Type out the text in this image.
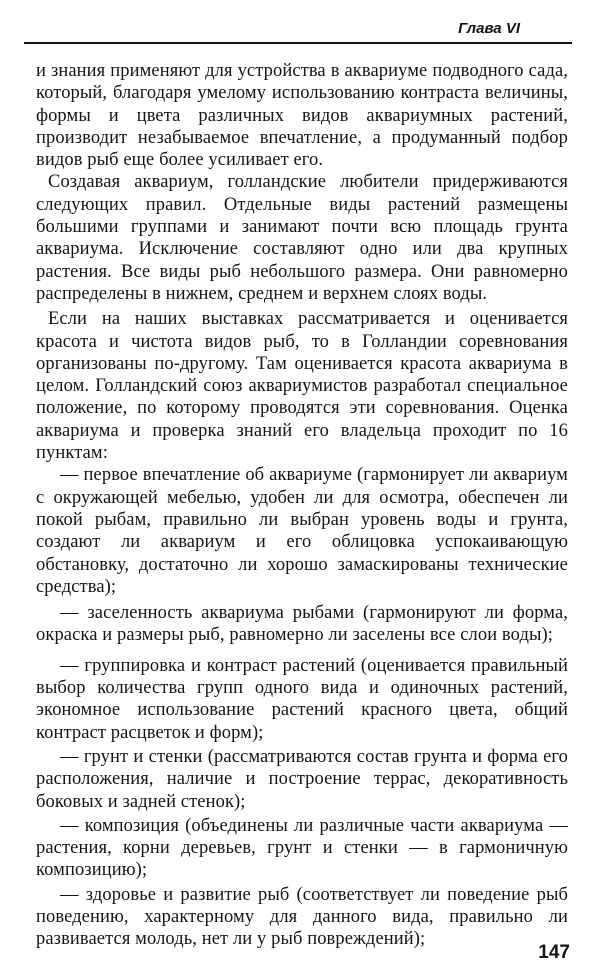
Глава VI

и знания применяют для устройства в аквариуме подводного сада, который, благодаря умелому использованию контраста величины, формы и цвета различных видов аквариумных растений, производит незабываемое впечатление, а продуманный подбор видов рыб еще более усиливает его.

Создавая аквариум, голландские любители придерживаются следующих правил. Отдельные виды растений размещены большими группами и занимают почти всю площадь грунта аквариума. Исключение составляют одно или два крупных растения. Все виды рыб небольшого размера. Они равномерно распределены в нижнем, среднем и верхнем слоях воды.

Если на наших выставках рассматривается и оценивается красота и чистота видов рыб, то в Голландии соревнования организованы по-другому. Там оценивается красота аквариума в целом. Голландский союз аквариумистов разработал специальное положение, по которому проводятся эти соревнования. Оценка аквариума и проверка знаний его владельца проходит по 16 пунктам:

— первое впечатление об аквариуме (гармонирует ли аквариум с окружающей мебелью, удобен ли для осмотра, обеспечен ли покой рыбам, правильно ли выбран уровень воды и грунта, создают ли аквариум и его облицовка успокаивающую обстановку, достаточно ли хорошо замаскированы технические средства);

— заселенность аквариума рыбами (гармонируют ли форма, окраска и размеры рыб, равномерно ли заселены все слои воды);

— группировка и контраст растений (оценивается правильный выбор количества групп одного вида и одиночных растений, экономное использование растений красного цвета, общий контраст расцветок и форм);

— грунт и стенки (рассматриваются состав грунта и форма его расположения, наличие и построение террас, декоративность боковых и задней стенок);

— композиция (объединены ли различные части аквариума — растения, корни деревьев, грунт и стенки — в гармоничную композицию);

— здоровье и развитие рыб (соответствует ли поведение рыб поведению, характерному для данного вида, правильно ли развивается молодь, нет ли у рыб повреждений);

147
